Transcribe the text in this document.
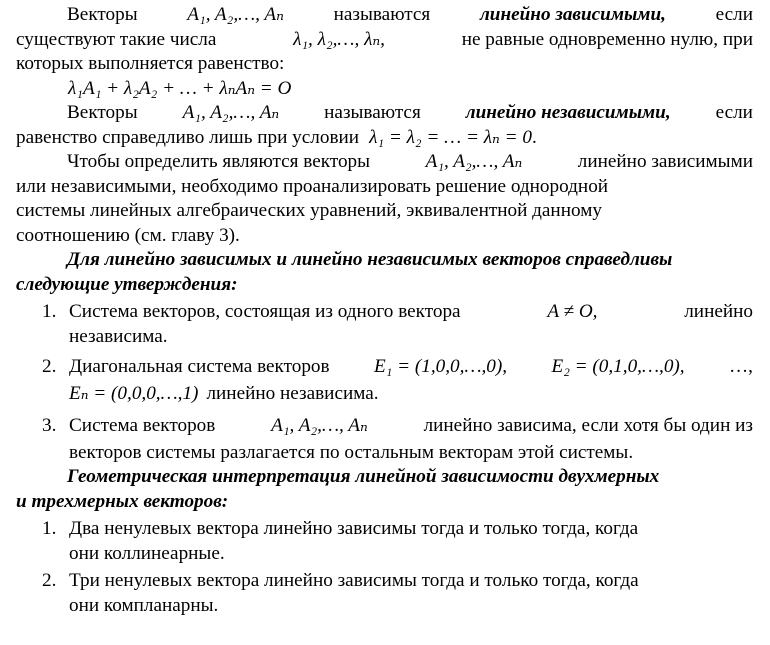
Векторы	A₁, A₂,…, Aₙ	называются	линейно зависимыми,	если
существуют такие числа	λ₁, λ₂,…, λₙ,	не равные одновременно нулю, при
которых выполняется равенство:
λ₁A₁ + λ₂A₂ + … + λₙAₙ = O
Векторы A₁, A₂,…, Aₙ называются линейно независимыми, если
равенство справедливо лишь при условии λ₁ = λ₂ = … = λₙ = 0 .
Чтобы определить являются векторы	A₁, A₂,…, Aₙ	линейно зависимыми
или независимыми, необходимо проанализировать решение однородной
системы линейных алгебраических уравнений, эквивалентной данному
соотношению (см. главу 3).
Для линейно зависимых и линейно независимых векторов справедливы
следующие утверждения:
1. Система векторов, состоящая из одного вектора	A ≠ O,	линейно
независима.
2. Диагональная система векторов E₁ = (1,0,0,…,0), E₂ = (0,1,0,…,0), …,
Eₙ = (0,0,0,…,1) линейно независима.
3. Система векторов	A₁, A₂,…, Aₙ	линейно зависима, если хотя бы один из
векторов системы разлагается по остальным векторам этой системы.
Геометрическая интерпретация линейной зависимости двухмерных
и трехмерных векторов:
1. Два ненулевых вектора линейно зависимы тогда и только тогда, когда
они коллинеарные.
2. Три ненулевых вектора линейно зависимы тогда и только тогда, когда
они компланарны.
